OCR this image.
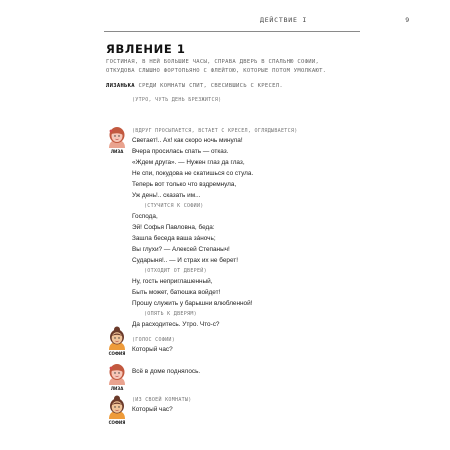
ДЕЙСТВИЕ I	9
ЯВЛЕНИЕ 1
ГОСТИНАЯ, В НЕЙ БОЛЬШИЕ ЧАСЫ, СПРАВА ДВЕРЬ В СПАЛЬНЮ СОФИИ,
ОТКУДОВА СЛЫШНО ФОРТОПЬЯНО С ФЛЕЙТОЮ, КОТОРЫЕ ПОТОМ УМОЛКАЮТ.
ЛИЗАНЬКА СРЕДИ КОМНАТЫ СПИТ, СВЕСИВШИСЬ С КРЕСЕЛ.
(УТРО, ЧУТЬ ДЕНЬ БРЕЗЖИТСЯ)
ЛИЗА
(ВДРУГ ПРОСЫПАЕТСЯ, ВСТАЕТ С КРЕСЕЛ, ОГЛЯДЫВАЕТСЯ)
Светает!.. Ах! как скоро ночь минула!
Вчера просилась спать — отказ.
«Ждем друга». — Нужен глаз да глаз,
Не спи, покудова не скатишься со стула.
Теперь вот только что вздремнула,
Уж день!.. сказать им...
(СТУЧИТСЯ К СОФИИ)
Господа,
Эй! Софья Павловна, беда:
Зашла беседа ваша зáночь;
Вы глухи? — Алексей Степаныч!
Сударыня!.. — И страх их не берет!
(ОТХОДИТ ОТ ДВЕРЕЙ)
Ну, гость неприглашенный,
Быть может, батюшка войдет!
Прошу служить у барышни влюбленной!
(ОПЯТЬ К ДВЕРЯМ)
Да расходитесь. Утро. Что-с?
СОФИЯ
(ГОЛОС СОФИИ)
Который час?
ЛИЗА
Всё в доме поднялось.
СОФИЯ
(ИЗ СВОЕЙ КОМНАТЫ)
Который час?
